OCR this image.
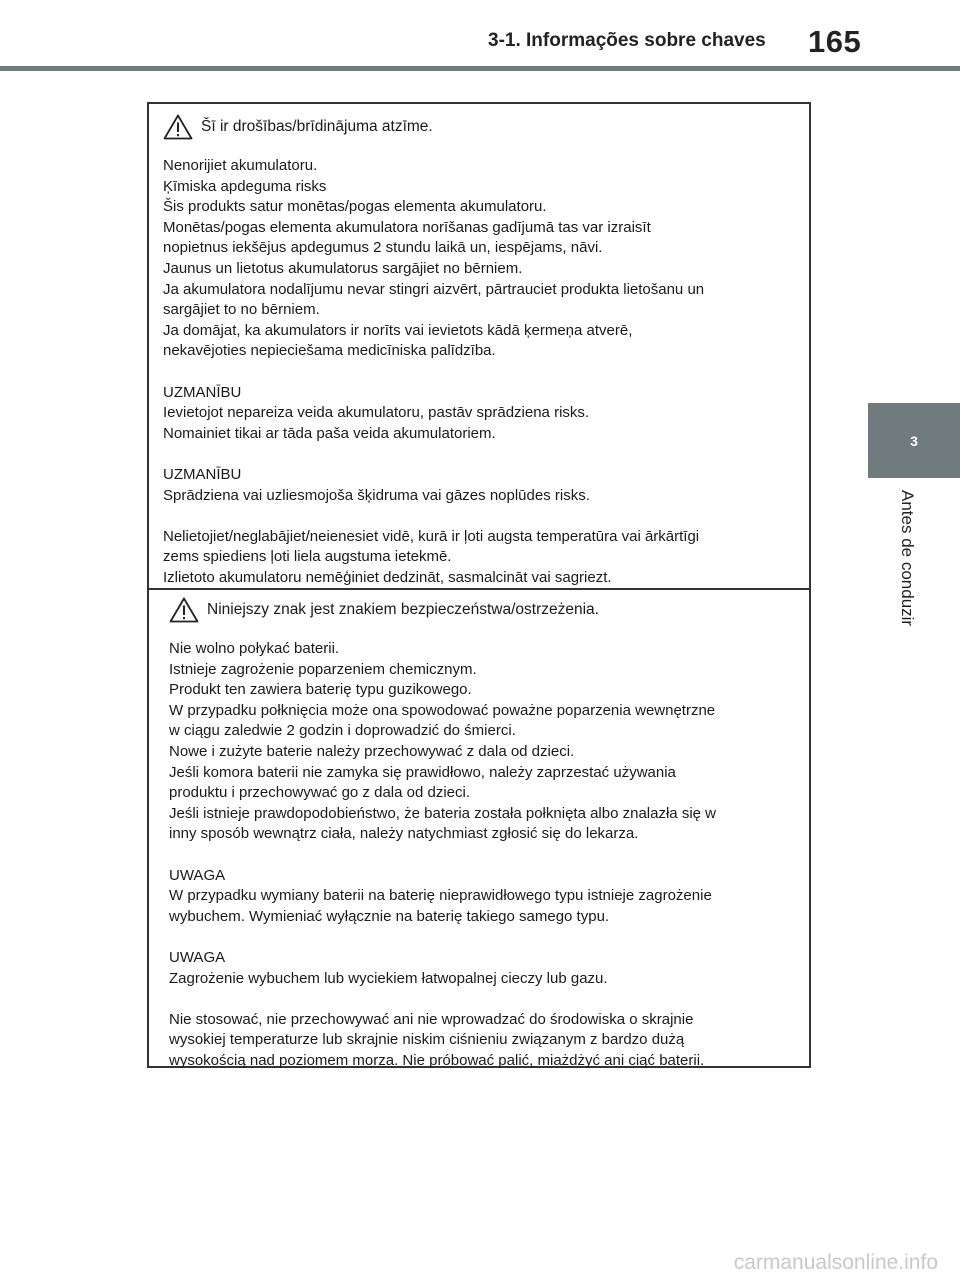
3-1. Informações sobre chaves 165
3
Antes de conduzir
Šī ir drošības/brīdinājuma atzīme.
Nenorijiet akumulatoru.
Ķīmiska apdeguma risks
Šis produkts satur monētas/pogas elementa akumulatoru.
Monētas/pogas elementa akumulatora norīšanas gadījumā tas var izraisīt
nopietnus iekšējus apdegumus 2 stundu laikā un, iespējams, nāvi.
Jaunus un lietotus akumulatorus sargājiet no bērniem.
Ja akumulatora nodalījumu nevar stingri aizvērt, pārtrauciet produkta lietošanu un
sargājiet to no bērniem.
Ja domājat, ka akumulators ir norīts vai ievietots kādā ķermeņa atverē,
nekavējoties nepieciešama medicīniska palīdzība.
UZMANĪBU
Ievietojot nepareiza veida akumulatoru, pastāv sprādziena risks.
Nomainiet tikai ar tāda paša veida akumulatoriem.
UZMANĪBU
Sprādziena vai uzliesmojoša šķidruma vai gāzes noplūdes risks.
Nelietojiet/neglabājiet/neienesiet vidē, kurā ir ļoti augsta temperatūra vai ārkārtīgi
zems spiediens ļoti liela augstuma ietekmē.
Izlietoto akumulatoru nemēģiniet dedzināt, sasmalcināt vai sagriezt.
Niniejszy znak jest znakiem bezpieczeństwa/ostrzeżenia.
Nie wolno połykać baterii.
Istnieje zagrożenie poparzeniem chemicznym.
Produkt ten zawiera baterię typu guzikowego.
W przypadku połknięcia może ona spowodować poważne poparzenia wewnętrzne
w ciągu zaledwie 2 godzin i doprowadzić do śmierci.
Nowe i zużyte baterie należy przechowywać z dala od dzieci.
Jeśli komora baterii nie zamyka się prawidłowo, należy zaprzestać używania
produktu i przechowywać go z dala od dzieci.
Jeśli istnieje prawdopodobieństwo, że bateria została połknięta albo znalazła się w
inny sposób wewnątrz ciała, należy natychmiast zgłosić się do lekarza.
UWAGA
W przypadku wymiany baterii na baterię nieprawidłowego typu istnieje zagrożenie
wybuchem. Wymieniać wyłącznie na baterię takiego samego typu.
UWAGA
Zagrożenie wybuchem lub wyciekiem łatwopalnej cieczy lub gazu.
Nie stosować, nie przechowywać ani nie wprowadzać do środowiska o skrajnie
wysokiej temperaturze lub skrajnie niskim ciśnieniu związanym z bardzo dużą
wysokością nad poziomem morza. Nie próbować palić, miażdżyć ani ciąć baterii.
carmanualsonline.info
